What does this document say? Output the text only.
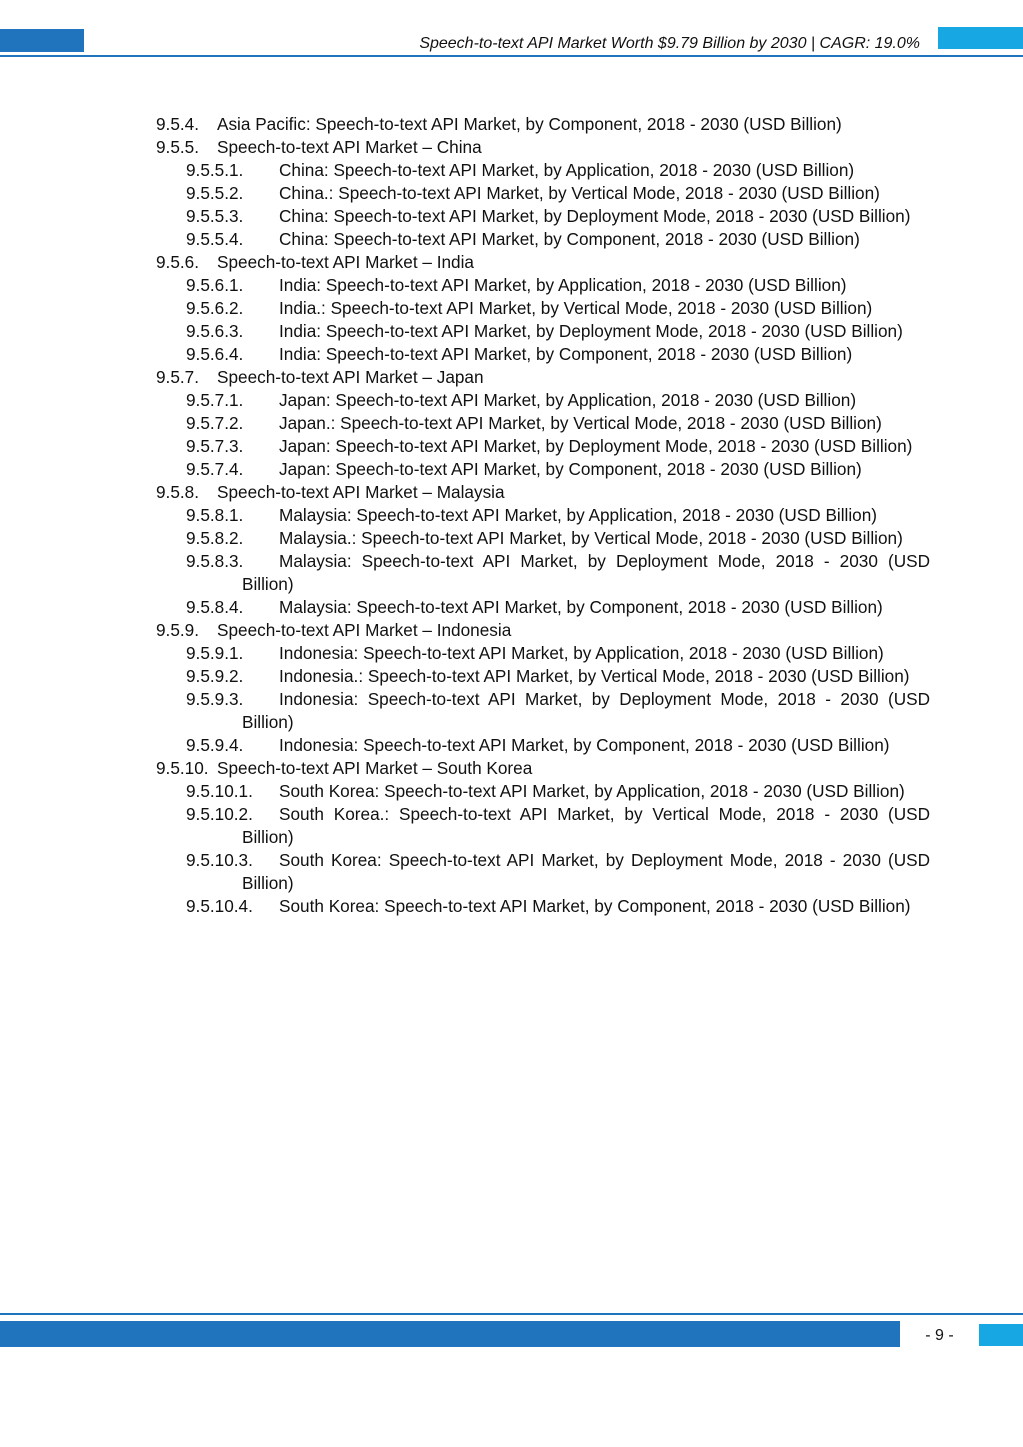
Speech-to-text API Market Worth $9.79 Billion by 2030 | CAGR: 19.0%
9.5.4. Asia Pacific: Speech-to-text API Market, by Component, 2018 - 2030 (USD Billion)
9.5.5. Speech-to-text API Market – China
9.5.5.1.	China: Speech-to-text API Market, by Application, 2018 - 2030 (USD Billion)
9.5.5.2.	China.: Speech-to-text API Market, by Vertical Mode, 2018 - 2030 (USD Billion)
9.5.5.3.	China: Speech-to-text API Market, by Deployment Mode, 2018 - 2030 (USD Billion)
9.5.5.4.	China: Speech-to-text API Market, by Component, 2018 - 2030 (USD Billion)
9.5.6. Speech-to-text API Market – India
9.5.6.1.	India: Speech-to-text API Market, by Application, 2018 - 2030 (USD Billion)
9.5.6.2.	India.: Speech-to-text API Market, by Vertical Mode, 2018 - 2030 (USD Billion)
9.5.6.3.	India: Speech-to-text API Market, by Deployment Mode, 2018 - 2030 (USD Billion)
9.5.6.4.	India: Speech-to-text API Market, by Component, 2018 - 2030 (USD Billion)
9.5.7. Speech-to-text API Market – Japan
9.5.7.1.	Japan: Speech-to-text API Market, by Application, 2018 - 2030 (USD Billion)
9.5.7.2.	Japan.: Speech-to-text API Market, by Vertical Mode, 2018 - 2030 (USD Billion)
9.5.7.3.	Japan: Speech-to-text API Market, by Deployment Mode, 2018 - 2030 (USD Billion)
9.5.7.4.	Japan: Speech-to-text API Market, by Component, 2018 - 2030 (USD Billion)
9.5.8. Speech-to-text API Market – Malaysia
9.5.8.1.	Malaysia: Speech-to-text API Market, by Application, 2018 - 2030 (USD Billion)
9.5.8.2.	Malaysia.: Speech-to-text API Market, by Vertical Mode, 2018 - 2030 (USD Billion)
9.5.8.3.	Malaysia: Speech-to-text API Market, by Deployment Mode, 2018 - 2030 (USD Billion)
9.5.8.4.	Malaysia: Speech-to-text API Market, by Component, 2018 - 2030 (USD Billion)
9.5.9. Speech-to-text API Market – Indonesia
9.5.9.1.	Indonesia: Speech-to-text API Market, by Application, 2018 - 2030 (USD Billion)
9.5.9.2.	Indonesia.: Speech-to-text API Market, by Vertical Mode, 2018 - 2030 (USD Billion)
9.5.9.3.	Indonesia: Speech-to-text API Market, by Deployment Mode, 2018 - 2030 (USD Billion)
9.5.9.4.	Indonesia: Speech-to-text API Market, by Component, 2018 - 2030 (USD Billion)
9.5.10. Speech-to-text API Market – South Korea
9.5.10.1.	South Korea: Speech-to-text API Market, by Application, 2018 - 2030 (USD Billion)
9.5.10.2.	South Korea.: Speech-to-text API Market, by Vertical Mode, 2018 - 2030 (USD Billion)
9.5.10.3.	South Korea: Speech-to-text API Market, by Deployment Mode, 2018 - 2030 (USD Billion)
9.5.10.4.	South Korea: Speech-to-text API Market, by Component, 2018 - 2030 (USD Billion)
- 9 -
